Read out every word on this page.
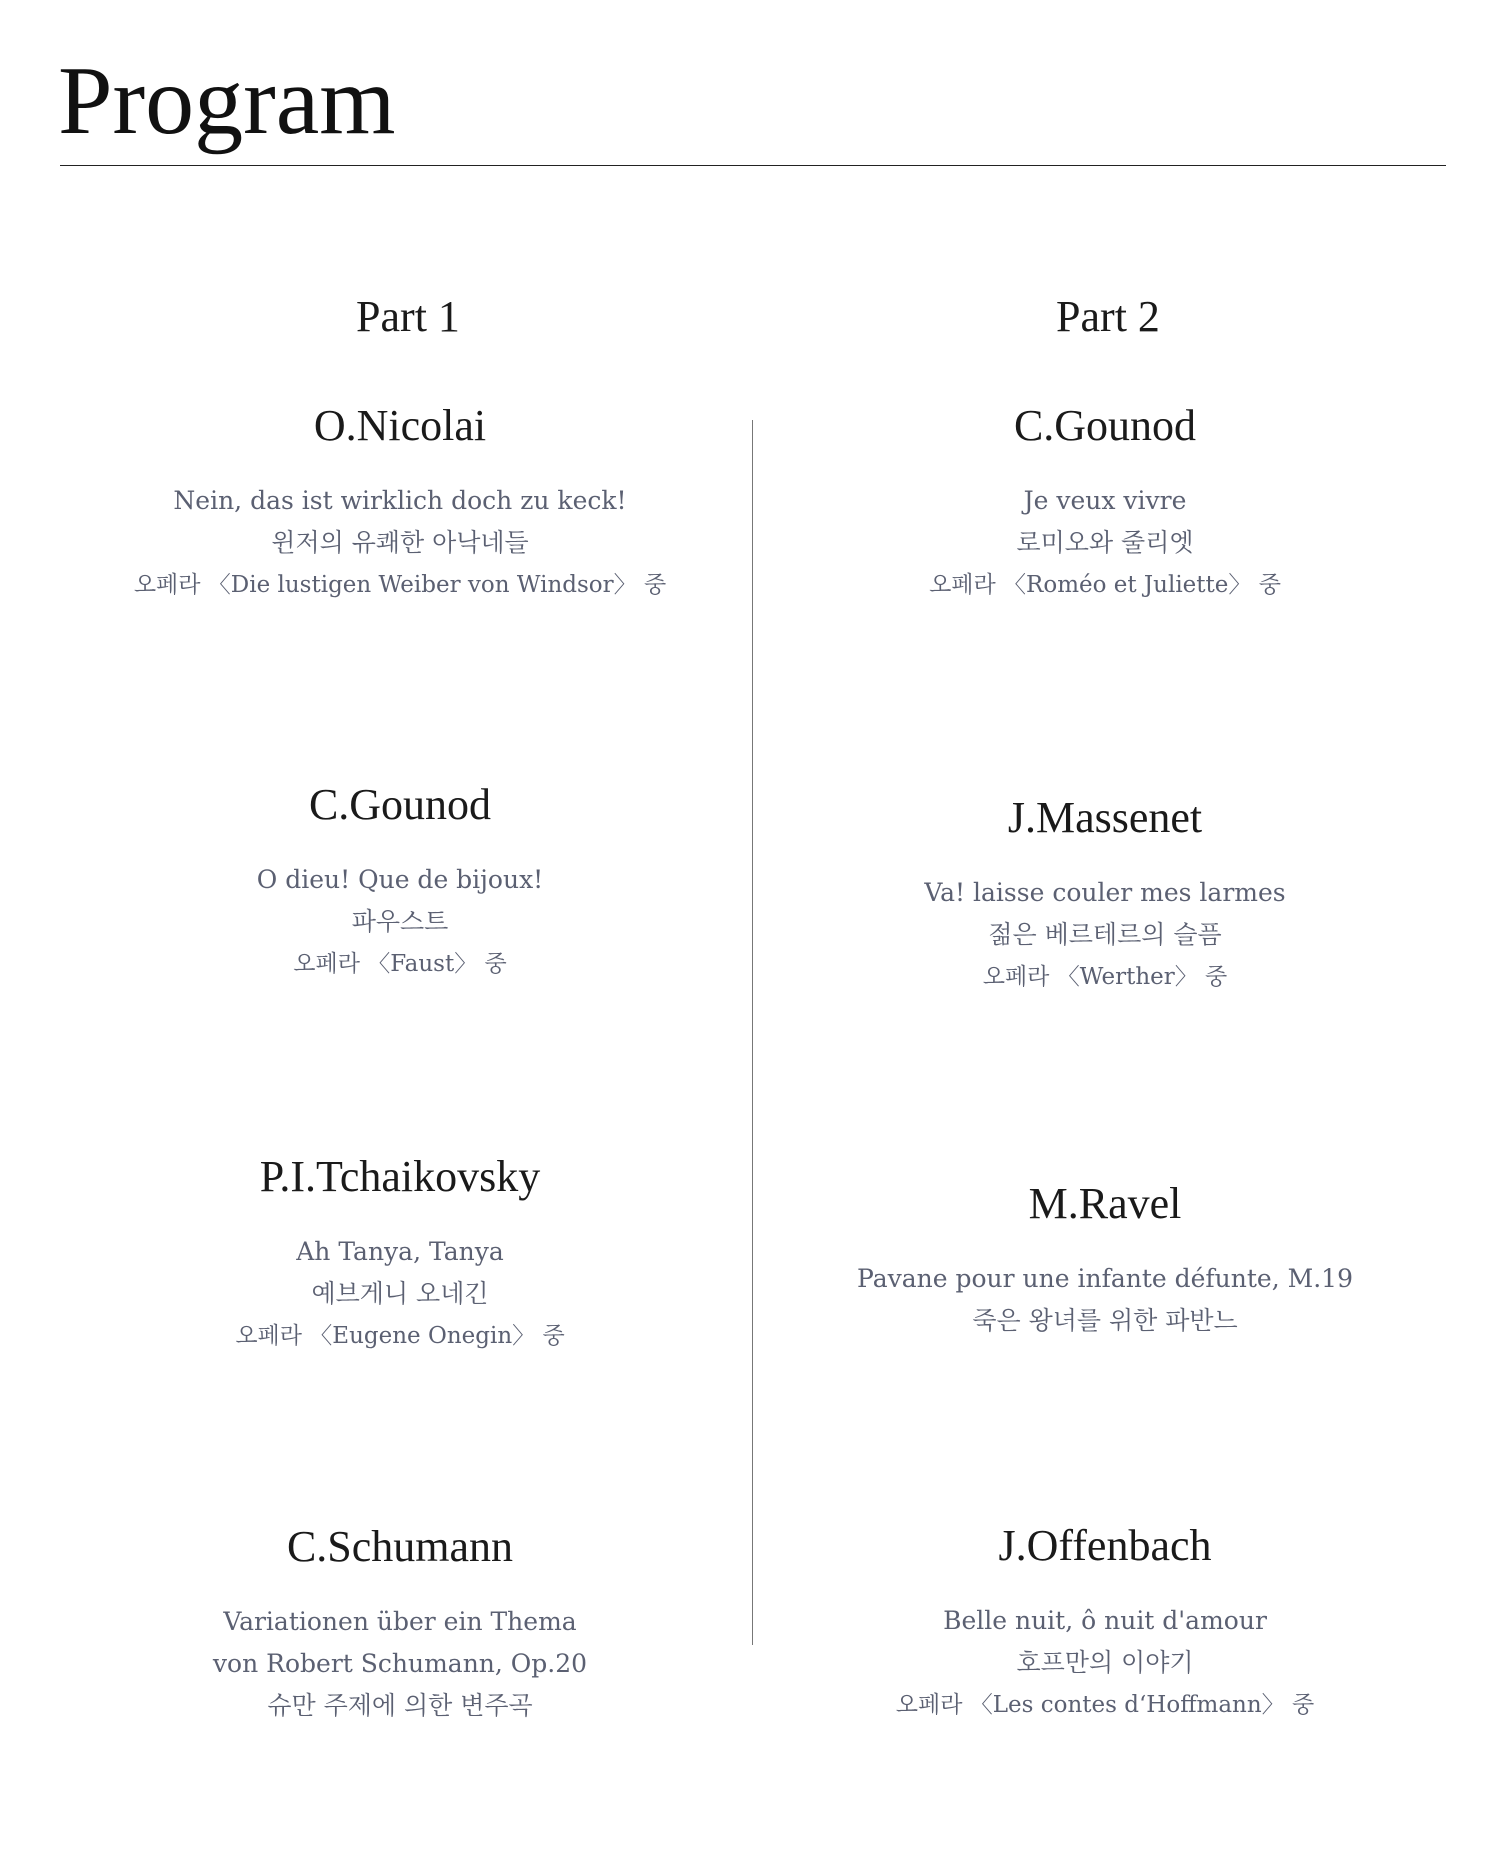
Program
Part 1	Part 2
O.Nicolai

Nein, das ist wirklich doch zu keck!

윈저의 유쾌한 아낙네들

오페라 〈Die lustigen Weiber von Windsor〉 중

C.Gounod

O dieu! Que de bijoux!

파우스트

오페라 〈Faust〉 중

P.I.Tchaikovsky

Ah Tanya, Tanya

예브게니 오네긴

오페라 〈Eugene Onegin〉 중

C.Schumann

Variationen über ein Thema

von Robert Schumann, Op.20

슈만 주제에 의한 변주곡

C.Gounod

Je veux vivre

로미오와 줄리엣

오페라 〈Roméo et Juliette〉 중

J.Massenet

Va! laisse couler mes larmes

젊은 베르테르의 슬픔

오페라 〈Werther〉 중

M.Ravel

Pavane pour une infante défunte, M.19

죽은 왕녀를 위한 파반느

J.Offenbach

Belle nuit, ô nuit d'amour

호프만의 이야기

오페라 〈Les contes d‘Hoffmann〉 중
